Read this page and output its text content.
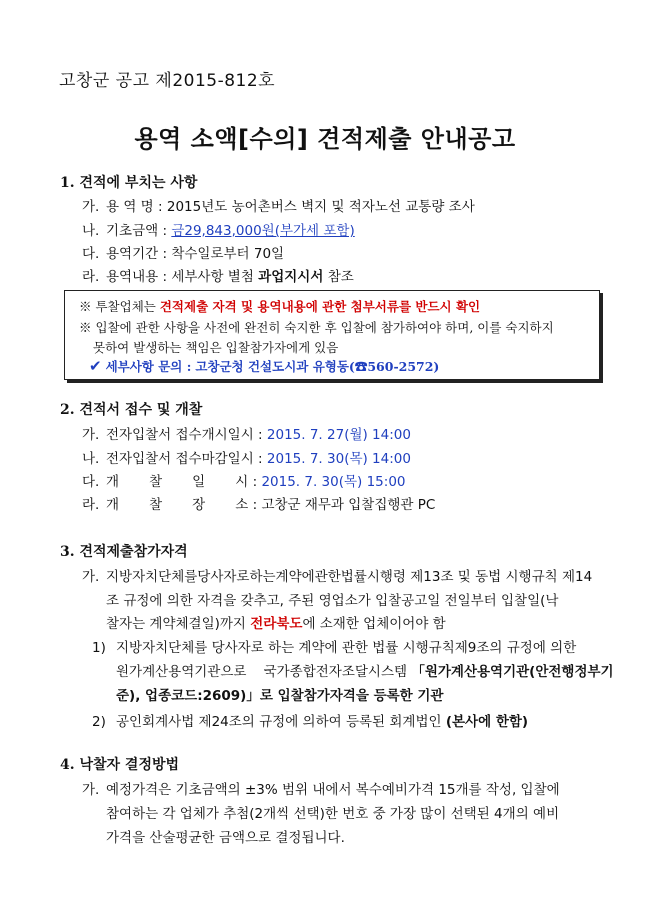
고창군 공고 제2015-812호
용역 소액[수의] 견적제출 안내공고
1. 견적에 부치는 사항
가. 용 역 명 : 2015년도 농어촌버스 벽지 및 적자노선 교통량 조사
나. 기초금액 : 금29,843,000원(부가세 포함)
다. 용역기간 : 착수일로부터 70일
라. 용역내용 : 세부사항 별첨 과업지시서 참조
※ 투찰업체는 견적제출 자격 및 용역내용에 관한 첨부서류를 반드시 확인
※ 입찰에 관한 사항을 사전에 완전히 숙지한 후 입찰에 참가하여야 하며, 이를 숙지하지
못하여 발생하는 책임은 입찰참가자에게 있음
✔ 세부사항 문의 : 고창군청 건설도시과 유형동(☎560-2572)
2. 견적서 접수 및 개찰
가. 전자입찰서 접수개시일시 : 2015. 7. 27(월) 14:00
나. 전자입찰서 접수마감일시 : 2015. 7. 30(목) 14:00
다. 개       찰       일       시 : 2015. 7. 30(목) 15:00
라. 개       찰       장       소 : 고창군 재무과 입찰집행관 PC
3. 견적제출참가자격
가. 지방자치단체를당사자로하는계약에관한법률시행령 제13조 및 동법 시행규칙 제14
조 규정에 의한 자격을 갖추고, 주된 영업소가 입찰공고일 전일부터 입찰일(낙
찰자는 계약체결일)까지 전라북도에 소재한 업체이어야 함
1) 지방자치단체를 당사자로 하는 계약에 관한 법률 시행규칙제9조의 규정에 의한
원가계산용역기관으로    국가종합전자조달시스템 「원가계산용역기관(안전행정부기
준), 업종코드:2609)」로 입찰참가자격을 등록한 기관
2) 공인회계사법 제24조의 규정에 의하여 등록된 회계법인 (본사에 한함)
4. 낙찰자 결정방법
가. 예정가격은 기초금액의 ±3% 범위 내에서 복수예비가격 15개를 작성, 입찰에
참여하는 각 업체가 추첨(2개씩 선택)한 번호 중 가장 많이 선택된 4개의 예비
가격을 산술평균한 금액으로 결정됩니다.
